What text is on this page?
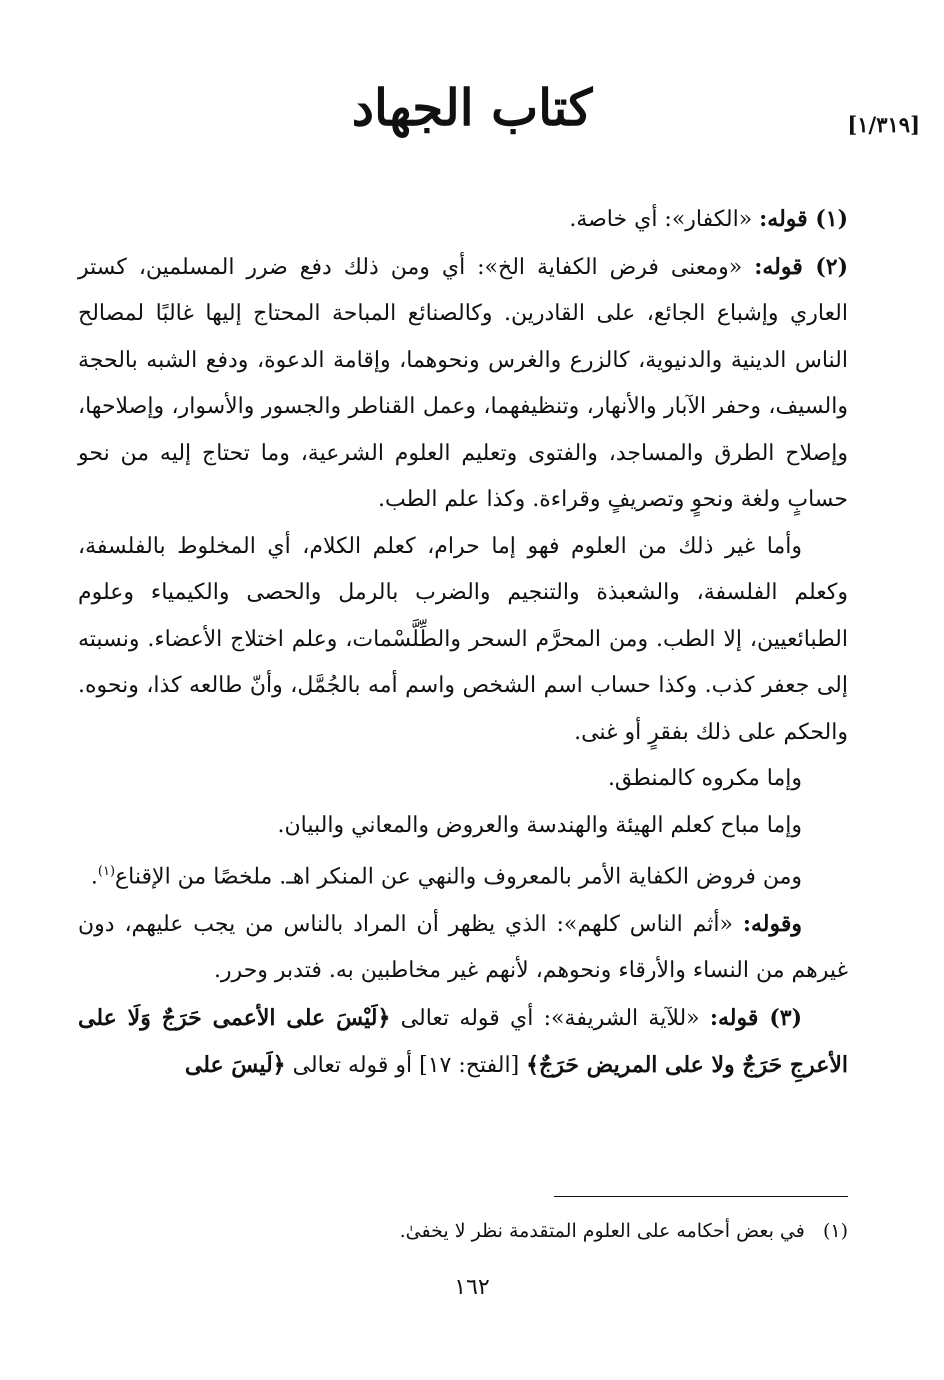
[١/٣١٩]
كتاب الجهاد

(١) قوله: «الكفار»: أي خاصة.

(٢) قوله: «ومعنى فرض الكفاية الخ»: أي ومن ذلك دفع ضرر المسلمين، كستر العاري وإشباع الجائع، على القادرين. وكالصنائع المباحة المحتاج إليها غالبًا لمصالح الناس الدينية والدنيوية، كالزرع والغرس ونحوهما، وإقامة الدعوة، ودفع الشبه بالحجة والسيف، وحفر الآبار والأنهار، وتنظيفهما، وعمل القناطر والجسور والأسوار، وإصلاحها، وإصلاح الطرق والمساجد، والفتوى وتعليم العلوم الشرعية، وما تحتاج إليه من نحو حسابٍ ولغة ونحوٍ وتصريفٍ وقراءة. وكذا علم الطب.

وأما غير ذلك من العلوم فهو إما حرام، كعلم الكلام، أي المخلوط بالفلسفة، وكعلم الفلسفة، والشعبذة والتنجيم والضرب بالرمل والحصى والكيمياء وعلوم الطبائعيين، إلا الطب. ومن المحرَّم السحر والطِّلَّسْمات، وعلم اختلاج الأعضاء. ونسبته إلى جعفر كذب. وكذا حساب اسم الشخص واسم أمه بالجُمَّل، وأنّ طالعه كذا، ونحوه. والحكم على ذلك بفقرٍ أو غنى.

وإما مكروه كالمنطق.

وإما مباح كعلم الهيئة والهندسة والعروض والمعاني والبيان.

ومن فروض الكفاية الأمر بالمعروف والنهي عن المنكر اهـ. ملخصًا من الإقناع$^{(١)}$.

وقوله: «أثم الناس كلهم»: الذي يظهر أن المراد بالناس من يجب عليهم، دون غيرهم من النساء والأرقاء ونحوهم، لأنهم غير مخاطبين به. فتدبر وحرر.

(٣) قوله: «للآية الشريفة»: أي قوله تعالى ﴿لَيْسَ على الأعمى حَرَجٌ وَلَا على الأعرجِ حَرَجٌ ولا على المريض حَرَجٌ﴾ [الفتح: ١٧] أو قوله تعالى ﴿لَيسَ على

(١)   في بعض أحكامه على العلوم المتقدمة نظر لا يخفىٰ.
١٦٢
